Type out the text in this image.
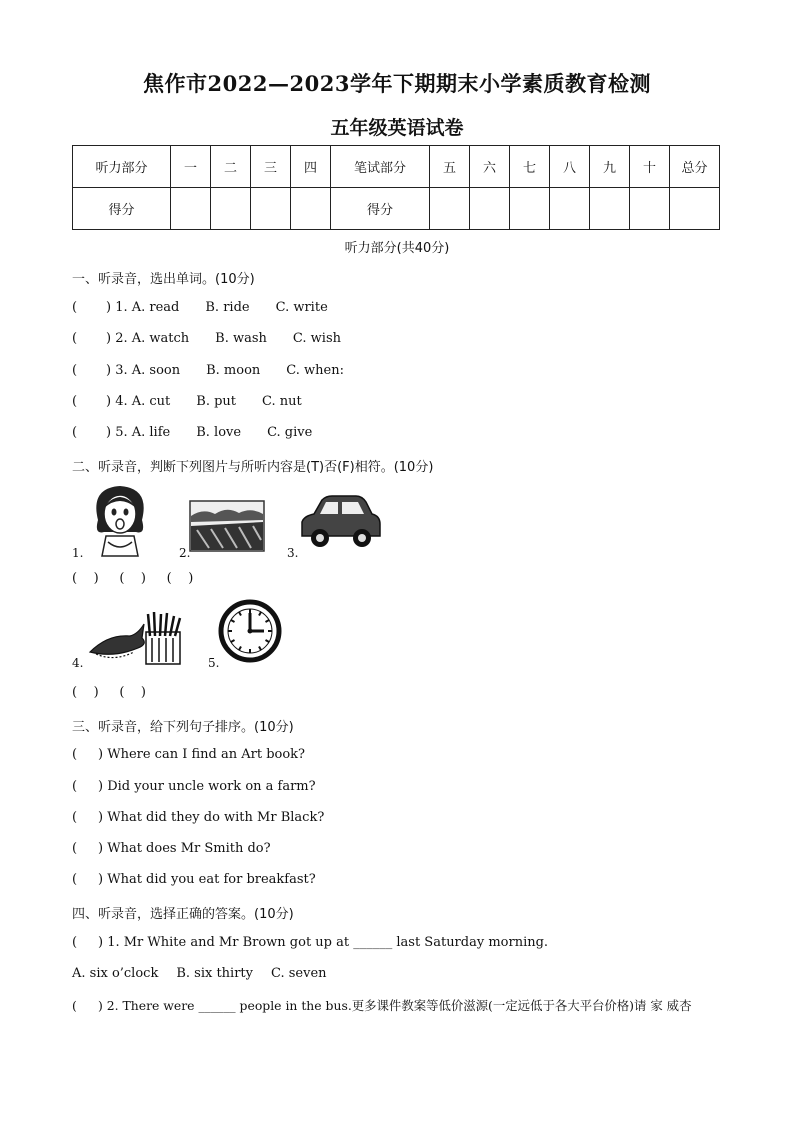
焦作市2022—2023学年下期期末小学素质教育检测
五年级英语试卷
听力部分	一	二	三	四	笔试部分	五	六	七	八	九	十	总分
得分					得分							
听力部分(共40分)
一、听录音，选出单词。(10分)
( ) 1. A. read B. ride C. write
( ) 2. A. watch B. wash C. wish
( ) 3. A. soon B. moon C. when:
( ) 4. A. cut B. put C. nut
( ) 5. A. life B. love C. give
二、听录音，判断下列图片与所听内容是(T)否(F)相符。(10分)
1.	2.	3.
(    )     (    )     (    )
4.	5.
(    )     (    )
三、听录音，给下列句子排序。(10分)
( ) Where can I find an Art book?
( ) Did your uncle work on a farm?
( ) What did they do with Mr Black?
( ) What does Mr Smith do?
( ) What did you eat for breakfast?
四、听录音，选择正确的答案。(10分)
( ) 1. Mr White and Mr Brown got up at ______ last Saturday morning.
A. six o’clock B. six thirty C. seven
( ) 2. There were ______ people in the bus.更多课件教案等低价滋源(一定远低于各大平台价格)请 家 威杏
